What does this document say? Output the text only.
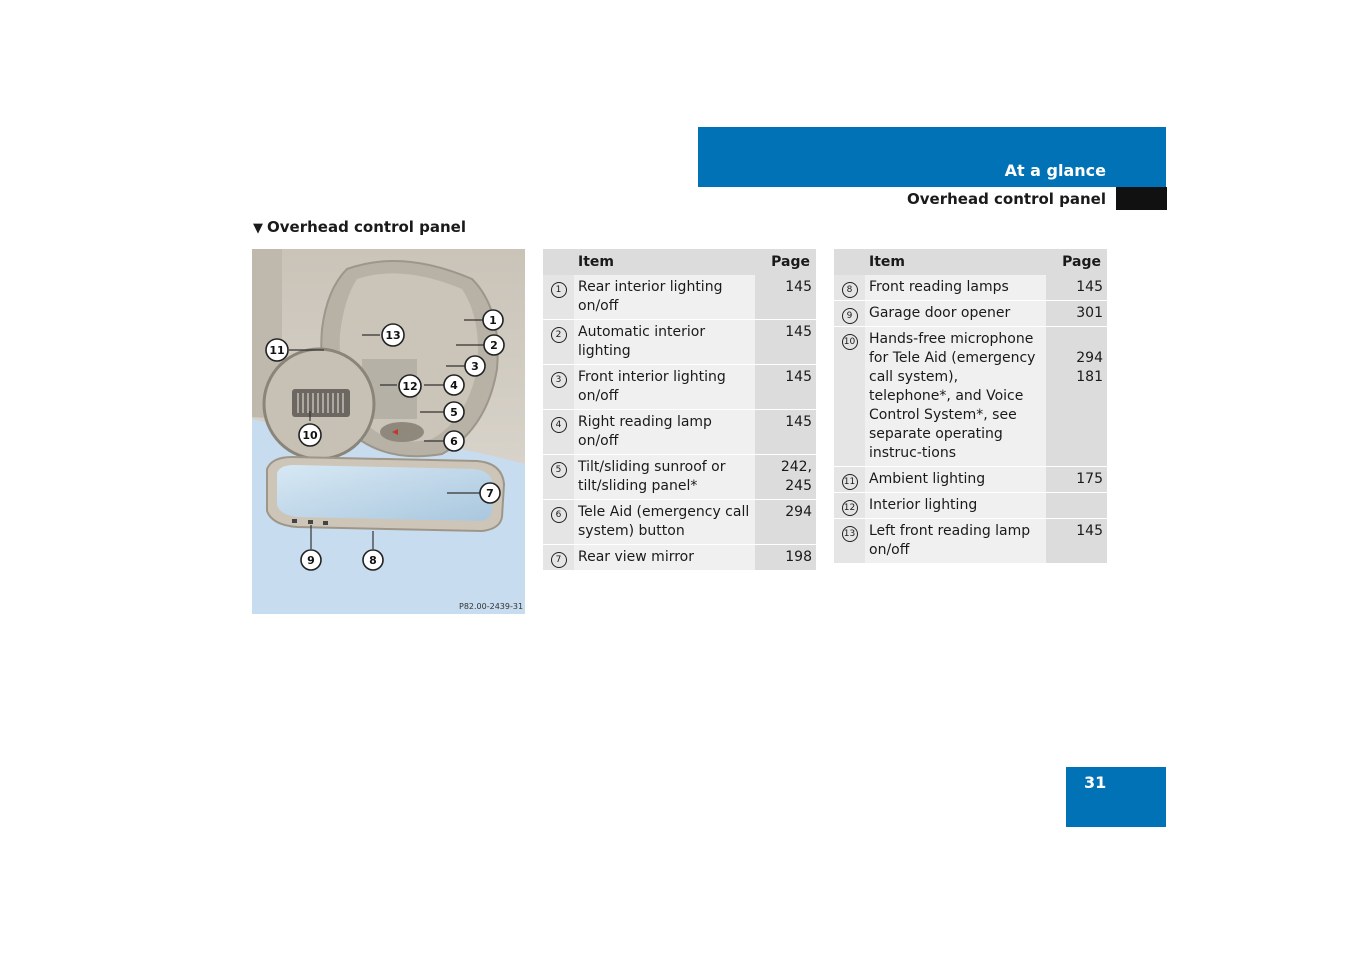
At a glance
Overhead control panel
▼ Overhead control panel
1
2
3
4
5
6
7
8
9
10
11
12
13
P82.00-2439-31
	Item	Page
1	Rear interior lighting on/off	145
2	Automatic interior lighting	145
3	Front interior lighting on/off	145
4	Right reading lamp on/off	145
5	Tilt/sliding sunroof or tilt/sliding panel*	242,
245
6	Tele Aid (emergency call system) button	294
7	Rear view mirror	198
	Item	Page
8	Front reading lamps	145
9	Garage door opener	301
10	Hands-free microphone for Tele Aid (emergency call system), telephone*, and Voice Control System*, see separate operating instruc-tions	
294
181
11	Ambient lighting	175
12	Interior lighting	
13	Left front reading lamp on/off	145
31
